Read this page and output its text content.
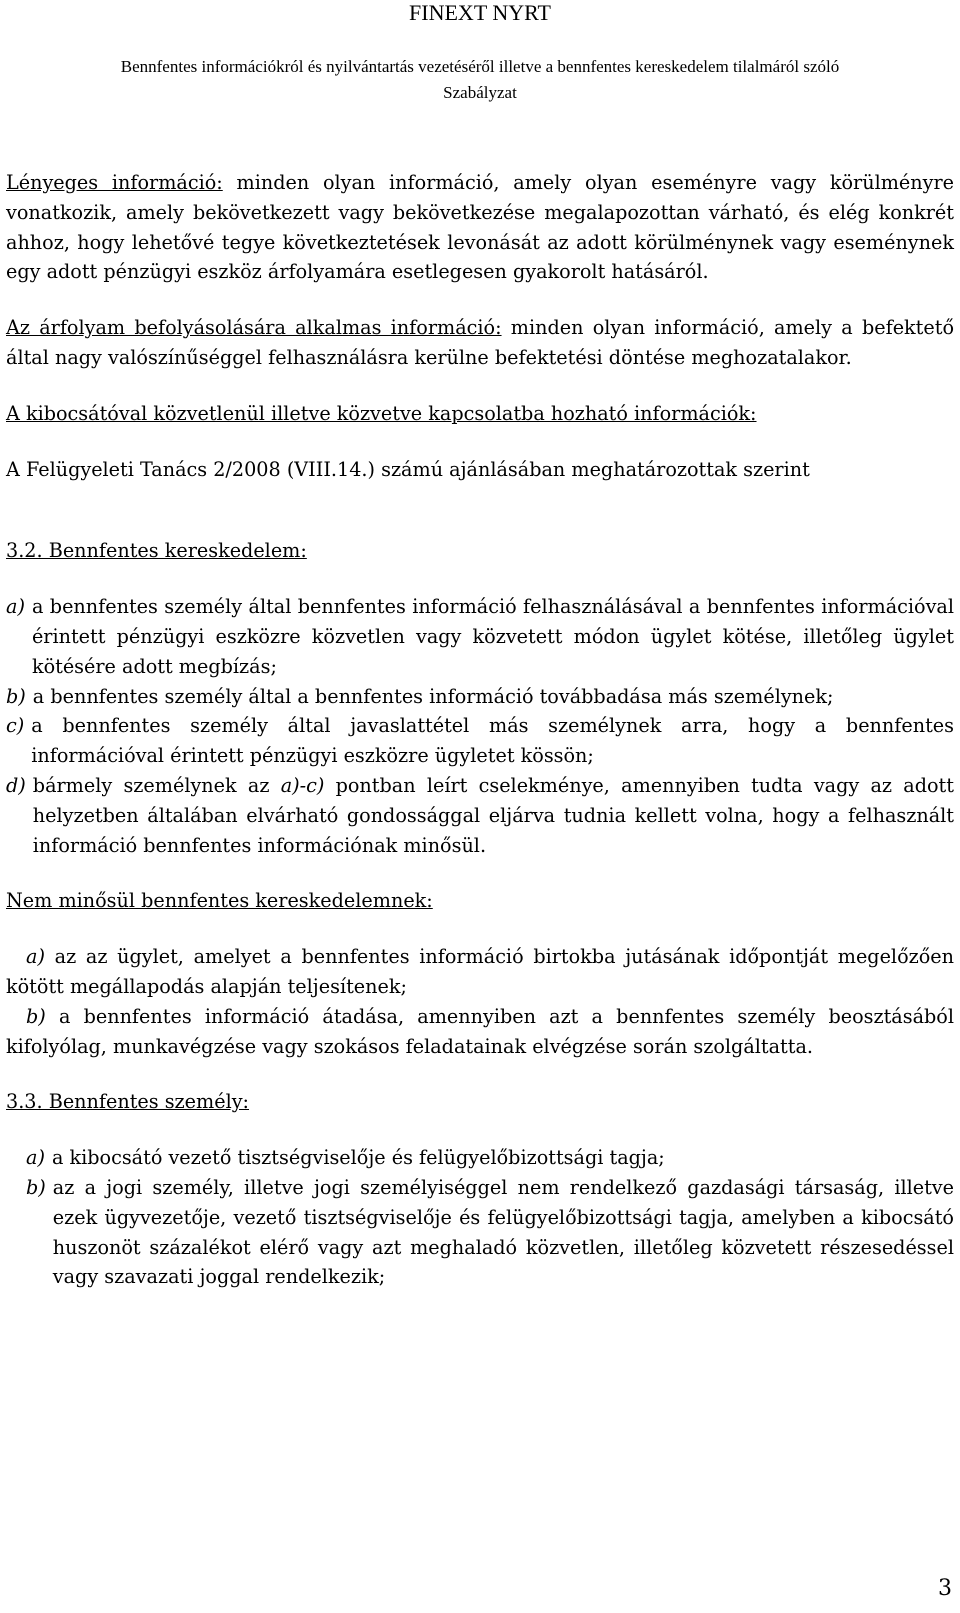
FINEXT NYRT
Bennfentes információkról és nyilvántartás vezetéséről illetve a bennfentes kereskedelem tilalmáról szóló
Szabályzat

Lényeges információ: minden olyan információ, amely olyan eseményre vagy körülményre vonatkozik, amely bekövetkezett vagy bekövetkezése megalapozottan várható, és elég konkrét ahhoz, hogy lehetővé tegye következtetések levonását az adott körülménynek vagy eseménynek egy adott pénzügyi eszköz árfolyamára esetlegesen gyakorolt hatásáról.

Az árfolyam befolyásolására alkalmas információ: minden olyan információ, amely a befektető által nagy valószínűséggel felhasználásra kerülne befektetési döntése meghozatalakor.

A kibocsátóval közvetlenül illetve közvetve kapcsolatba hozható információk:

A Felügyeleti Tanács 2/2008 (VIII.14.) számú ajánlásában meghatározottak szerint

3.2. Bennfentes kereskedelem:

a) a bennfentes személy által bennfentes információ felhasználásával a bennfentes információval érintett pénzügyi eszközre közvetlen vagy közvetett módon ügylet kötése, illetőleg ügylet kötésére adott megbízás;
b) a bennfentes személy által a bennfentes információ továbbadása más személynek;
c) a bennfentes személy által javaslattétel más személynek arra, hogy a bennfentes információval érintett pénzügyi eszközre ügyletet kössön;
d) bármely személynek az a)-c) pontban leírt cselekménye, amennyiben tudta vagy az adott helyzetben általában elvárható gondossággal eljárva tudnia kellett volna, hogy a felhasznált információ bennfentes információnak minősül.

Nem minősül bennfentes kereskedelemnek:

a) az az ügylet, amelyet a bennfentes információ birtokba jutásának időpontját megelőzően kötött megállapodás alapján teljesítenek;

b) a bennfentes információ átadása, amennyiben azt a bennfentes személy beosztásából kifolyólag, munkavégzése vagy szokásos feladatainak elvégzése során szolgáltatta.

3.3. Bennfentes személy:

a) a kibocsátó vezető tisztségviselője és felügyelőbizottsági tagja;
b) az a jogi személy, illetve jogi személyiséggel nem rendelkező gazdasági társaság, illetve ezek ügyvezetője, vezető tisztségviselője és felügyelőbizottsági tagja, amelyben a kibocsátó huszonöt százalékot elérő vagy azt meghaladó közvetlen, illetőleg közvetett részesedéssel vagy szavazati joggal rendelkezik;
3
